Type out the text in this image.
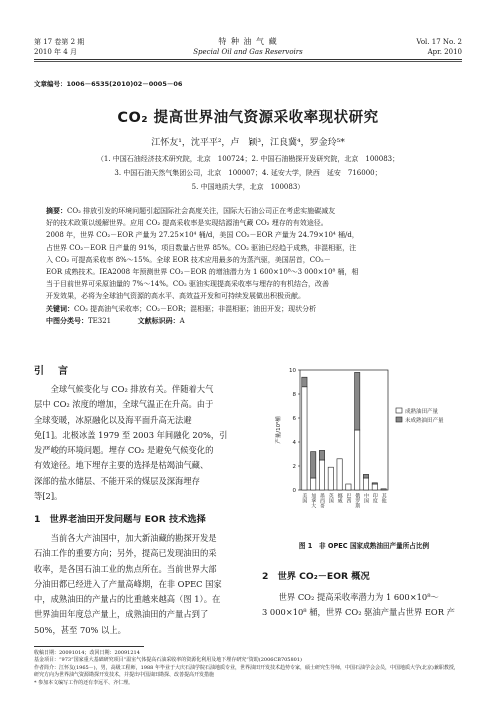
第 17 卷第 2 期
2010 年 4 月
特 种 油 气 藏
Special Oil and Gas Reservoirs
Vol. 17 No. 2
Apr. 2010
文章编号：1006－6535(2010)02－0005－06
CO₂ 提高世界油气资源采收率现状研究
江怀友¹，沈平平²，卢　颖³，江良冀⁴，罗金玲⁵*
（1. 中国石油经济技术研究院，北京　100724；2. 中国石油勘探开发研究院，北京　100083；
3. 中国石油天然气集团公司，北京　100007；4. 延安大学，陕西　延安　716000；
5. 中国地质大学，北京　100083）
摘要：CO₂ 排放引发的环境问题引起国际社会高度关注，国际大石油公司正在考虑实施碳减友
好的技术政策以缓解世界。应用 CO₂ 提高采收率是实现结源油气藏 CO₂ 埋存的有效途径。
2008 年，世界 CO₂－EOR 产量为 27.25×10⁴ 桶/d，美国 CO₂－EOR 产量为 24.79×10⁴ 桶/d，
占世界 CO₂－EOR 日产量的 91%，项目数量占世界 85%。CO₂ 驱油已经趋于成熟，非混相驱，注
入 CO₂ 可提高采收率 8%～15%。全球 EOR 技术应用最多的为蒸汽驱，美国居首，CO₂－
EOR 成熟技术。IEA2008 年预测世界 CO₂－EOR 的增油潜力为 1 600×10⁸～3 000×10⁸ 桶，相
当于目前世界可采原油量的 7%～14%。CO₂ 驱油实现提高采收率与埋存的有机结合，改善
开发效果，必将为全球油气资源的高水平、高效益开发和可持续发展做出积极贡献。
关键词：CO₂ 提高油气采收率；CO₂－EOR；混相驱；非混相驱；油田开发；现状分析
中图分类号：TE321	文献标识码：A
引　言
全球气候变化与 CO₂ 排放有关。伴随着大气
层中 CO₂ 浓度的增加，全球气温正在升高。由于
全球变暖，冰原融化以及海平面升高无法避
免[1]。北极冰盖 1979 至 2003 年间融化 20%，引
发严峻的环境问题。埋存 CO₂ 是避免气候变化的
有效途径。地下埋存主要的选择是枯竭油气藏、
深部的盐水储层、不能开采的煤层及深海埋存
等[2]。
1　世界老油田开发问题与 EOR 技术选择
当前各大产油国中，加大新油藏的勘探开发是
石油工作的重要方向；另外，提高已发现油田的采
收率，是各国石油工业的焦点所在。当前世界大部
分油田都已经进入了产量高峰期，在非 OPEC 国家
中，成熟油田的产量占的比重越来越高（图 1）。在
世界油田年度总产量上，成熟油田的产量占到了
50%，甚至 70% 以上。
0
2
4
6
8
10
产量/10⁶桶
美国 加拿大 墨西哥 英国 挪威 巴西 俄罗斯 中国 印度 其他
成熟油田产量
未成熟油田产量
图 1　非 OPEC 国家成熟油田产量所占比例
2　世界 CO₂－EOR 概况
世界 CO₂ 提高采收率潜力为 1 600×10⁸～
3 000×10⁸ 桶，世界 CO₂ 驱油产量占世界 EOR 产
收稿日期：20091014；改回日期：20091214
基金项目：“973”国家重大基础研究项目“温室气体提高石油采收率的资源化利用及地下埋存研究”资助(2006CB705801)
作者简介：江怀友(1965－)，男，高级工程师，1988 年毕业于大庆石油学院石油地质专业，世界油田开发技术趋势专家，硕士研究生导师，中国石油学会会员，中国地质大学(北京)兼职教授，研究方向为世界油气资源勘探开发技术，并提出中国油田勘探、改善提高开发措施
* 参加本文编写工作的还有李远平、齐仁理。
